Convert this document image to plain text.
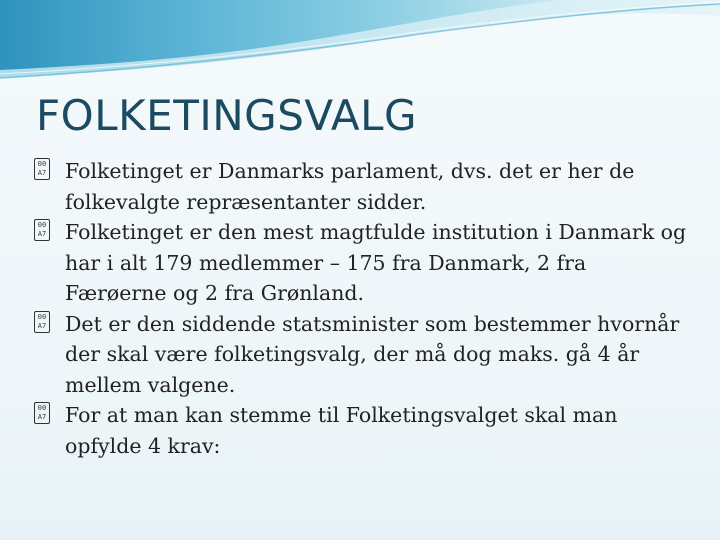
FOLKETINGSVALG
00
A7 Folketinget er Danmarks parlament, dvs. det er her de folkevalgte repræsentanter sidder.
00
A7 Folketinget er den mest magtfulde institution i Danmark og har i alt 179 medlemmer – 175 fra Danmark, 2 fra Færøerne og 2 fra Grønland.
00
A7 Det er den siddende statsminister som bestemmer hvornår der skal være folketingsvalg, der må dog maks. gå 4 år mellem valgene.
00
A7 For at man kan stemme til Folketingsvalget skal man opfylde 4 krav:
